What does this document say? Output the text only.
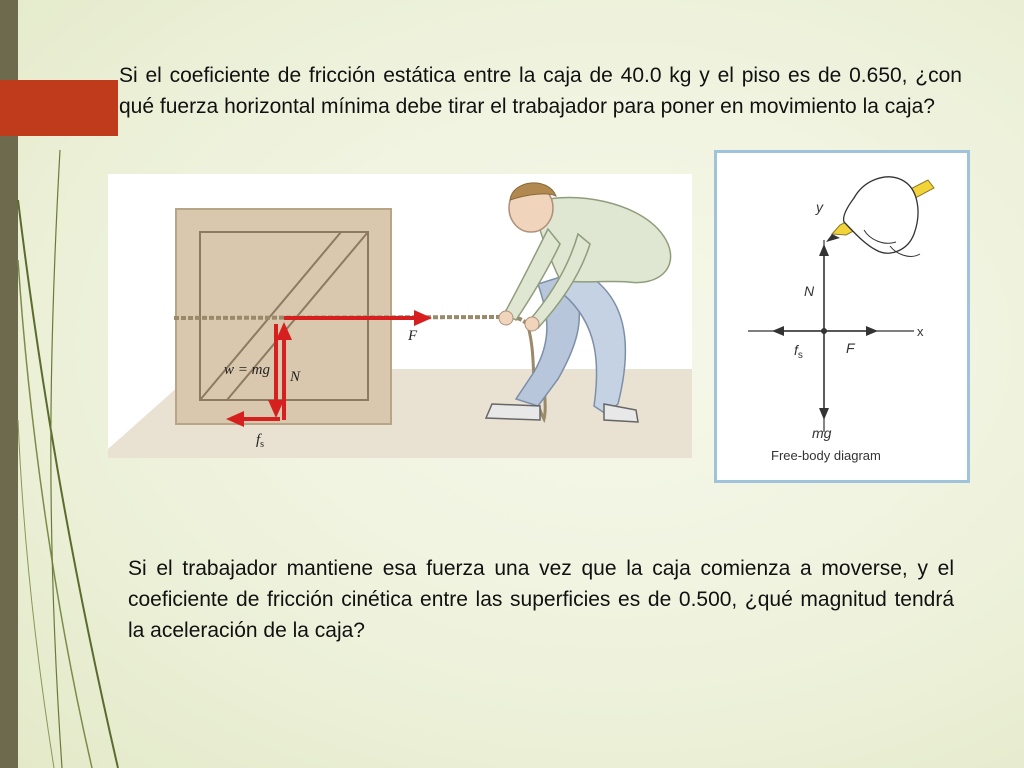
Si el coeficiente de fricción estática entre la caja de 40.0 kg y el piso es de 0.650, ¿con qué fuerza horizontal mínima debe tirar el trabajador para poner en movimiento la caja?

F
w = mg N
$f_s$
y
x
N
$f_s$	F
mg
Free-body diagram

Si el trabajador mantiene esa fuerza una vez que la caja comienza a moverse, y el coeficiente de fricción cinética entre las superficies es de 0.500, ¿qué magnitud tendrá la aceleración de la caja?
